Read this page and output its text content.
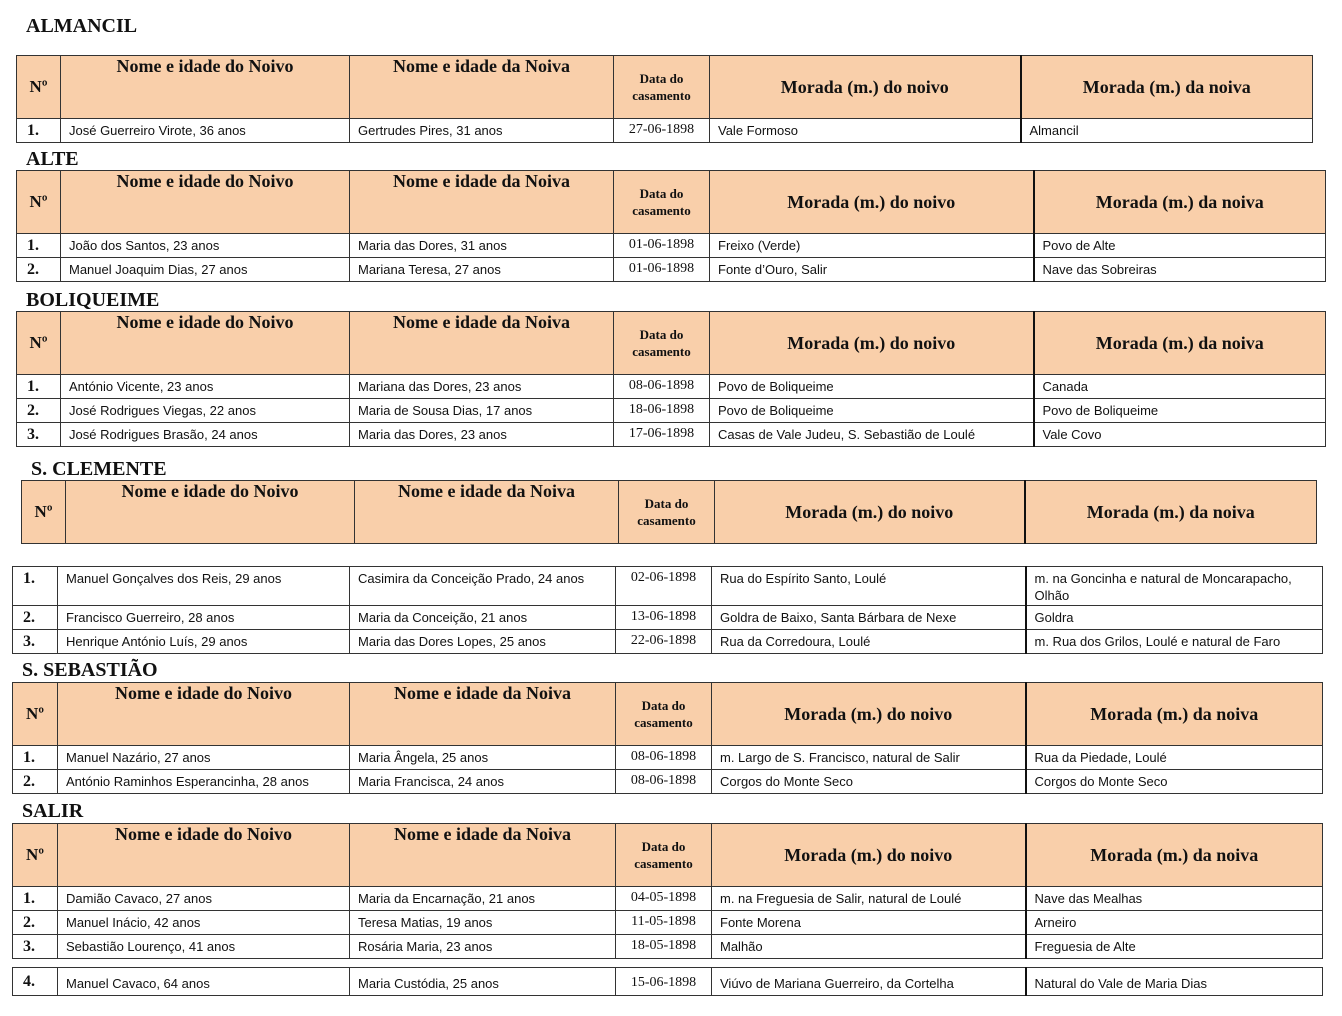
ALMANCIL
Nº	Nome e idade do Noivo	Nome e idade da Noiva	Data do
casamento	Morada (m.) do noivo	Morada (m.) da noiva
1.	José Guerreiro Virote, 36 anos	Gertrudes Pires, 31 anos	27-06-1898	Vale Formoso	Almancil
ALTE
Nº	Nome e idade do Noivo	Nome e idade da Noiva	Data do
casamento	Morada (m.) do noivo	Morada (m.) da noiva
1.	João dos Santos, 23 anos	Maria das Dores, 31 anos	01-06-1898	Freixo (Verde)	Povo de Alte
2.	Manuel Joaquim Dias, 27 anos	Mariana Teresa, 27 anos	01-06-1898	Fonte d’Ouro, Salir	Nave das Sobreiras
BOLIQUEIME
Nº	Nome e idade do Noivo	Nome e idade da Noiva	Data do
casamento	Morada (m.) do noivo	Morada (m.) da noiva
1.	António Vicente, 23 anos	Mariana das Dores, 23 anos	08-06-1898	Povo de Boliqueime	Canada
2.	José Rodrigues Viegas, 22 anos	Maria de Sousa Dias, 17 anos	18-06-1898	Povo de Boliqueime	Povo de Boliqueime
3.	José Rodrigues Brasão, 24 anos	Maria das Dores, 23 anos	17-06-1898	Casas de Vale Judeu, S. Sebastião de Loulé	Vale Covo
S. CLEMENTE
Nº	Nome e idade do Noivo	Nome e idade da Noiva	Data do
casamento	Morada (m.) do noivo	Morada (m.) da noiva
1.	Manuel Gonçalves dos Reis, 29 anos	Casimira da Conceição Prado, 24 anos	02-06-1898	Rua do Espírito Santo, Loulé	m. na Goncinha e natural de Moncarapacho, Olhão
2.	Francisco Guerreiro, 28 anos	Maria da Conceição, 21 anos	13-06-1898	Goldra de Baixo, Santa Bárbara de Nexe	Goldra
3.	Henrique António Luís, 29 anos	Maria das Dores Lopes, 25 anos	22-06-1898	Rua da Corredoura, Loulé	m. Rua dos Grilos, Loulé e natural de Faro
S. SEBASTIÃO
Nº	Nome e idade do Noivo	Nome e idade da Noiva	Data do
casamento	Morada (m.) do noivo	Morada (m.) da noiva
1.	Manuel Nazário, 27 anos	Maria Ângela, 25 anos	08-06-1898	m. Largo de S. Francisco, natural de Salir	Rua da Piedade, Loulé
2.	António Raminhos Esperancinha, 28 anos	Maria Francisca, 24 anos	08-06-1898	Corgos do Monte Seco	Corgos do Monte Seco
SALIR
Nº	Nome e idade do Noivo	Nome e idade da Noiva	Data do
casamento	Morada (m.) do noivo	Morada (m.) da noiva
1.	Damião Cavaco, 27 anos	Maria da Encarnação, 21 anos	04-05-1898	m. na Freguesia de Salir, natural de Loulé	Nave das Mealhas
2.	Manuel Inácio, 42 anos	Teresa Matias, 19 anos	11-05-1898	Fonte Morena	Arneiro
3.	Sebastião Lourenço, 41 anos	Rosária Maria, 23 anos	18-05-1898	Malhão	Freguesia de Alte
4.	Manuel Cavaco, 64 anos	Maria Custódia, 25 anos	15-06-1898	Viúvo de Mariana Guerreiro, da Cortelha	Natural do Vale de Maria Dias
